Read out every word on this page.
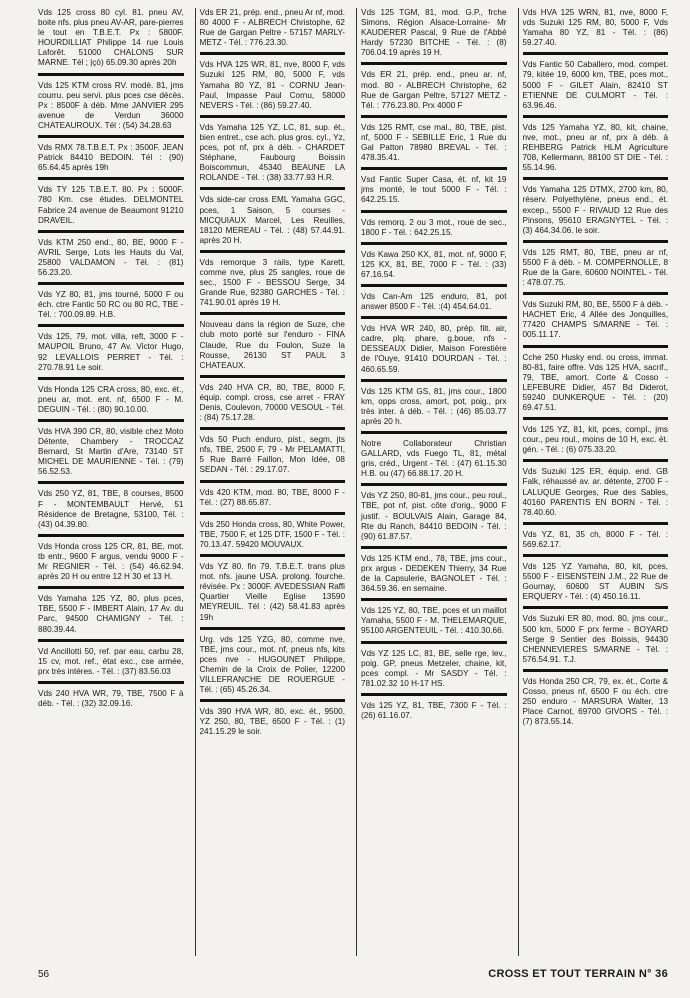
Vds 125 cross 80 cyl. 81. pneu AV, boite nfs. plus pneu AV-AR, pare-pierres le tout en T.B.E.T. Px : 5800F. HOURDILLIAT Philippe 14 rue Louis Laforêt. 51000 CHALONS SUR MARNE. Tél ; |çò) 65.09.30 après 20h
Vds 125 KTM cross RV. modè. 81, jms courru. peu servi. plus pces cse décès. Px : 8500F à déb. Mme JANVIER 295 avenue de Verdun 36000 CHATEAUROUX. Tél : (54) 34.28.63
Vds RMX 78.T.B.E.T. Px : 3500F. JEAN Patrick 84410 BEDOIN. Tél : (90) 65.64.45 après 19h
Vds TY 125 T.B.E.T. 80. Px : 5000F. 780 Km. cse études. DELMONTEL Fabrice 24 avenue de Beaumont 91210 DRAVEIL.
Vds KTM 250 end., 80, BE, 9000 F - AVRIL Serge, Lots les Hauts du Val, 25800 VALDAMON - Tél. : (81) 56.23.20.
Vds YZ 80, 81, jms tourné, 5000 F ou éch. ctre Fantic 50 RC ou 80 RC, TBE - Tél. : 700.09.89. H.B.
Vds 125, 79, mot. villa, reft, 3000 F - MAUPOIL Bruno, 47 Av. Victor Hugo, 92 LEVALLOIS PERRET - Tél. : 270.78.91 Le soir.
Vds Honda 125 CRA cross, 80, exc. ét., pneu ar, mot. ent. nf, 6500 F - M. DEGUIN - Tél. : (80) 90.10.00.
Vds HVA 390 CR, 80, visible chez Moto Détente, Chambery - TROCCAZ Bernard, St Martin d'Are, 73140 ST MICHEL DE MAURIENNE - Tél. : (79) 56.52.53.
Vds 250 YZ, 81, TBE, 8 courses, 8500 F - MONTEMBAULT Hervé, 51 Résidence de Bretagne, 53100, Tél. : (43) 04.39.80.
Vds Honda cross 125 CR, 81, BE, mot. tb entr., 9600 F argus, vendu 9000 F - Mr REGNIER - Tél. : (54) 46.62.94. après 20 H ou entre 12 H 30 et 13 H.
Vds Yamaha 125 YZ, 80, plus pces, TBE, 5500 F - IMBERT Alain, 17 Av. du Parc, 94500 CHAMIGNY - Tél. : 880.39.44.
Vd Ancillotti 50, ref. par eau, carbu 28, 15 cv, mot. ref., état exc., cse armée, prx très intéres. - Tél. : (37) 83.56.03
Vds 240 HVA WR, 79, TBE, 7500 F à déb. - Tél. : (32) 32.09.16.
Vds ER 21, prép. end., pneu Ar nf, mod. 80 4000 F - ALBRECH Christophe, 62 Rue de Gargan Peltre - 57157 MARLY-METZ - Tél. : 776.23.30.
Vds HVA 125 WR, 81, nve, 8000 F, vds Suzuki 125 RM, 80, 5000 F, vds Yamaha 80 YZ, 81 - CORNU Jean-Paul, Impasse Paul Cornu, 58000 NEVERS - Tél. : (86) 59.27.40.
Vds Yamaha 125 YZ, LC, 81, sup. ét., bien entret., cse ach. plus gros. cyl., Yz, pces, pot nf, prx à déb. - CHARDET Stéphane, Faubourg Boissin Boiscommun, 45340 BEAUNE LA ROLANDE - Tél. : (38) 33.77.93 H.R.
Vds side-car cross EML Yamaha GGC, pces, 1 Saison, 5 courses - MICQUIAUX Marcel, Les Reuilles, 18120 MEREAU - Tél. : (48) 57.44.91. après 20 H.
Vds remorque 3 rails, type Karett, comme nve, plus 25 sangles, roue de sec., 1500 F - BESSOU Serge, 34 Grande Rue, 92380 GARCHES - Tél. : 741.90.01 après 19 H.
Nouveau dans la région de Suze, che club moto porté sur l'enduro - FINA Claude, Rue du Foulon, Suze la Rousse, 26130 ST PAUL 3 CHATEAUX.
Vds 240 HVA CR, 80, TBE, 8000 F, équip. compl. cross, cse arret - FRAY Denis, Coulevon, 70000 VESOUL - Tél. : (84) 75.17.28.
Vds 50 Puch enduro, pist., segm, jts nfs, TBE, 2500 F, 79 - Mr PELAMATTI, 5 Rue Barré Faillon, Mon Idée, 08 SEDAN - Tél. : 29.17.07.
Vds 420 KTM, mod. 80, TBE, 8000 F - Tél. : (27) 88.65.87.
Vds 250 Honda cross, 80, White Power, TBE, 7500 F, et 125 DTF, 1500 F - Tél. : 70.13.47. 59420 MOUVAUX.
Vds YZ 80. fin 79. T.B.E.T. trans plus mot. nfs. jaune USA. prolong. fourche. révisée. Px : 3000F. AVEDESSIAN Raffi Quartier Vieille Eglise 13590 MEYREUIL. Tél : (42) 58.41.83 après 19h
Urg. vds 125 YZG, 80, comme nve, TBE, jms cour., mot. nf, pneus nfs, kits pces nve - HUGOUNET Philippe, Chemin de la Croix de Polier, 12200 VILLEFRANCHE DE ROUERGUE - Tél. : (65) 45.26.34.
Vds 390 HVA WR, 80, exc. ét., 9500, YZ 250, 80, TBE, 6500 F - Tél. : (1) 241.15.29 le soir.
Vds 125 TGM, 81, mod. G.P., frche Simons, Région Alsace-Lorraine- Mr KAUDERER Pascal, 9 Rue de l'Abbé Hardy 57230 BITCHE - Tél. : (8) 706.04.19 après 19 H.
Vds ER 21, prép. end., pneu ar. nf, mod. 80 - ALBRECH Christophe, 62 Rue de Gargan Peltre, 57127 METZ - Tél. : 776.23.80. Prx 4000 F
Vds 125 RMT, cse mal., 80, TBE, pist. nf, 5000 F - SEBILLE Eric, 1 Rue du Gal Patton 78980 BREVAL - Tél. : 478.35.41.
Vsd Fantic Super Casa, ét. nf, kit 19 jms monté, le tout 5000 F - Tél. : 642.25.15.
Vds remorq. 2 ou 3 mot., roue de sec., 1800 F - Tél. : 642.25.15.
Vds Kawa 250 KX, 81, mot. nf, 9000 F, 125 KX, 81, BE, 7000 F - Tél. : (33) 67.16.54.
Vds Can-Am 125 enduro, 81, pot answer 8500 F - Tél. :(4) 454.64.01.
Vds HVA WR 240, 80, prép. filt. air, cadre, plq. phare, g.boue, nfs - DESSEAUX Didier, Maison Forestière de l'Ouye, 91410 DOURDAN - Tél. : 460.65.59.
Vds 125 KTM GS, 81, jms cour., 1800 km, opps cross, amort, pot, poig., prx très inter. à déb. - Tél. : (46) 85.03.77 après 20 h.
Notre Collaborateur Christian GALLARD, vds Fuego TL, 81, métal gris, créd., Urgent - Tél. : (47) 61.15.30 H.B. ou (47) 66.88.17. 20 H.
Vds YZ 250, 80-81, jms cour., peu roul., TBE, pot nf, pist. côte d'orig., 9000 F justif. - BOULVAIS Alain, Garage 84, Rte du Ranch, 84410 BEDOIN - Tél. : (90) 61.87.57.
Vds 125 KTM end., 78, TBE, jms cour., prx argus - DEDEKEN Thierry, 34 Rue de la Capsulerie, BAGNOLET - Tél. : 364.59.36. en semaine.
Vds 125 YZ, 80, TBE, pces et un maillot Yamaha, 5500 F - M. THELEMARQUE, 95100 ARGENTEUIL - Tél. : 410.30.66.
Vds YZ 125 LC, 81, BE, selle rge, lev., poig. GP, pneus Metzeler, chaine, kit, pces compl. - Mr SASDY - Tél. : 781.02.32 10 H-17 HS.
Vds 125 YZ, 81, TBE, 7300 F - Tél. : (26) 61.16.07.
Vds HVA 125 WRN, 81, nve, 8000 F, vds Suzuki 125 RM, 80, 5000 F, Vds Yamaha 80 YZ, 81 - Tél. : (86) 59.27.40.
Vds Fantic 50 Caballero, mod. compet. 79, kitée 19, 6000 km, TBE, pces mot., 5000 F - GILET Alain, 82410 ST ETIENNE DE CULMORT - Tél. : 63.96.46.
Vds 125 Yamaha YZ, 80, kit, chaine, nve, mot., pneu ar nf, prx à déb. à REHBERG Patrick HLM Agriculture 708, Kellermann, 88100 ST DIE - Tél. : 55.14.96.
Vds Yamaha 125 DTMX, 2700 km, 80, réserv. Polyethylène, pneus end., ét. excep., 5500 F - RIVAUD 12 Rue des Pinsons, 95610 ERAGNYTEL - Tél. : (3) 464.34.06. le soir.
Vds 125 RMT, 80, TBE, pneu ar nf, 5500 F à déb. - M. COMPERNOLLE, 8 Rue de la Gare, 60600 NOINTEL - Tél. : 478.07.75.
Vds Suzuki RM, 80, BE, 5500 F à déb. - HACHET Eric, 4 Allée des Jonquilles, 77420 CHAMPS S/MARNE - Tél. : 005.11.17.
Cche 250 Husky end. ou cross, immat. 80-81, faire offre. Vds 125 HVA, sacrif., 79, TBE, amort. Corte & Cosso - LEFEBURE Didier, 457 Bd Diderot, 59240 DUNKERQUE - Tél. : (20) 69.47.51.
Vds 125 YZ, 81, kit, pces, compl., jms cour., peu roul., moins de 10 H, exc. ét. gén. - Tél. : (6) 075.33.20.
Vds Suzuki 125 ER, équip. end. GB Falk, réhaussé av. ar. détente, 2700 F - LALUQUE Georges, Rue des Sables, 40160 PARENTIS EN BORN - Tél. : 78.40.60.
Vds YZ, 81, 35 ch, 8000 F - Tél. : 569.62.17.
Vds 125 YZ Yamaha, 80, kit, pces, 5500 F - EISENSTEIN J.M., 22 Rue de Gournay, 60600 ST AUBIN S/S ERQUERY - Tél. : (4) 450.16.11.
Vds Suzuki ER 80, mod. 80, jms cour., 500 km, 5000 F prx ferme - BOYARD Serge 9 Sentier des Boissis, 94430 CHENNEVIERES S/MARNE - Tél. : 576.54.91. T.J.
Vds Honda 250 CR, 79, ex. ét., Corte & Cosso, pneus nf, 6500 F ou éch. ctre 250 enduro - MARSURA Walter, 13 Place Carnot, 69700 GIVORS - Tél. : (7) 873.55.14.
56	CROSS ET TOUT TERRAIN N° 36
